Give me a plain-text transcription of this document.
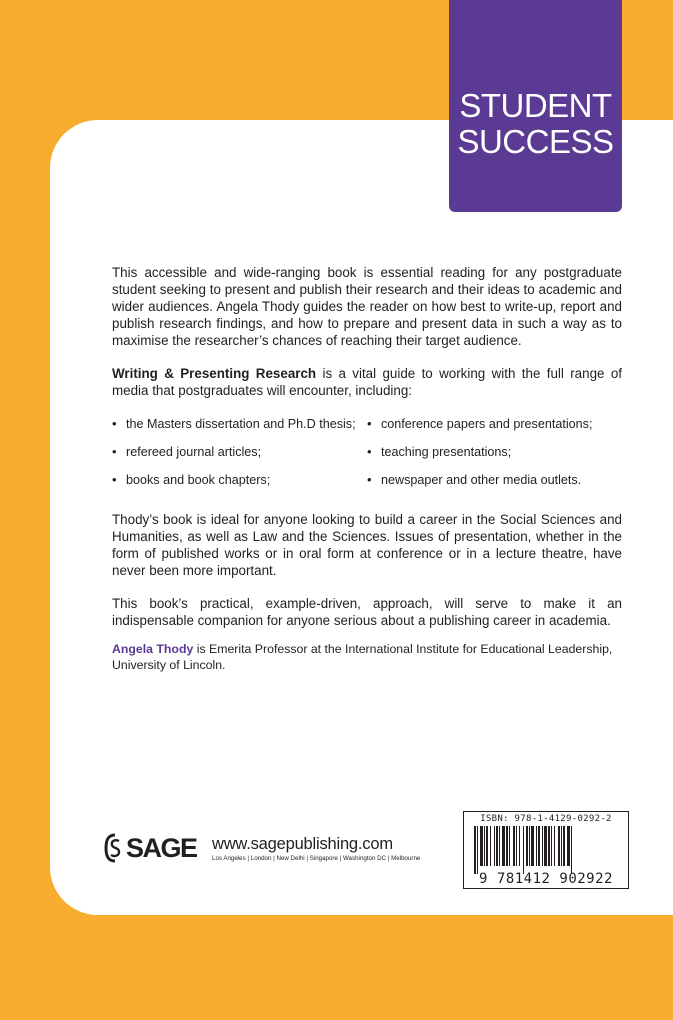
STUDENT
SUCCESS

This accessible and wide-ranging book is essential reading for any postgraduate student seeking to present and publish their research and their ideas to academic and wider audiences. Angela Thody guides the reader on how best to write-up, report and publish research findings, and how to prepare and present data in such a way as to maximise the researcher’s chances of reaching their target audience.

Writing & Presenting Research is a vital guide to working with the full range of media that postgraduates will encounter, including:

• the Masters dissertation and Ph.D thesis; • conference papers and presentations;
• refereed journal articles;	• teaching presentations;
• books and book chapters;	• newspaper and other media outlets.

Thody’s book is ideal for anyone looking to build a career in the Social Sciences and Humanities, as well as Law and the Sciences. Issues of presentation, whether in the form of published works or in oral form at conference or in a lecture theatre, have never been more important.

This book’s practical, example-driven, approach, will serve to make it an indispensable companion for anyone serious about a publishing career in academia.

Angela Thody is Emerita Professor at the International Institute for Educational Leadership, University of Lincoln.

SAGE www.sagepublishing.com
Los Angeles | London | New Delhi | Singapore | Washington DC | Melbourne
ISBN: 978-1-4129-0292-2
9 781412 902922
